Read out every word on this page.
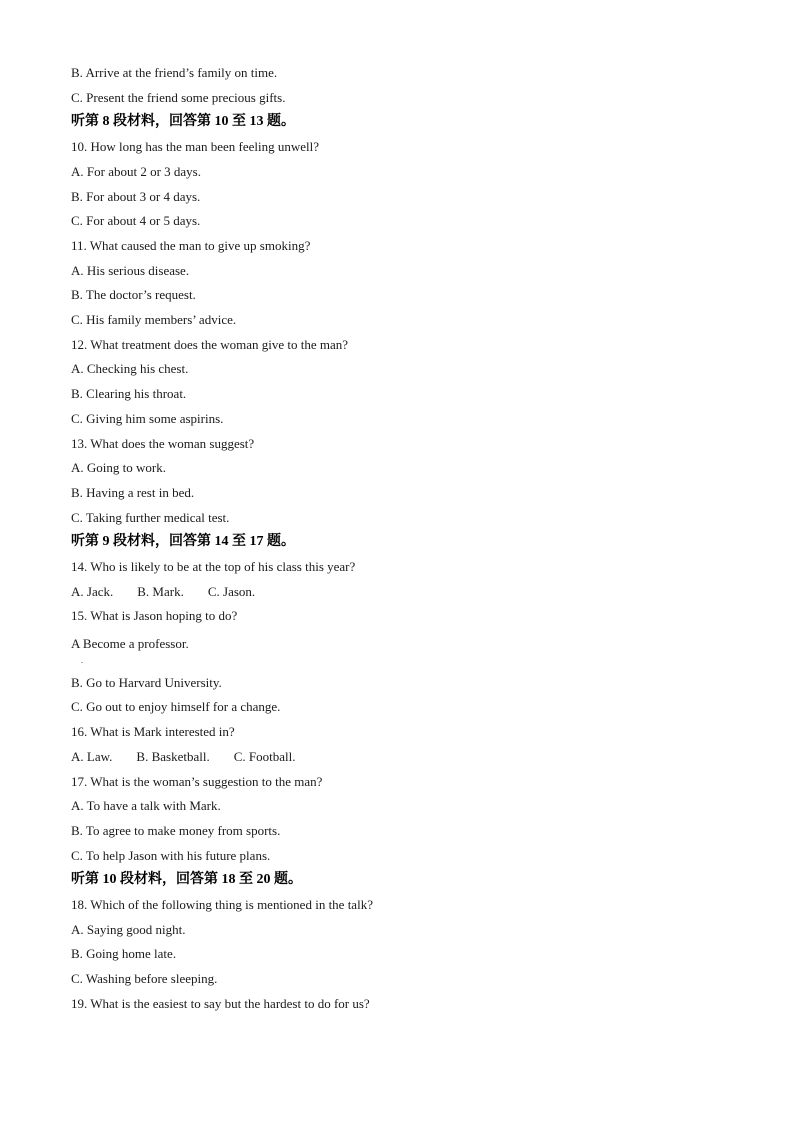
B. Arrive at the friend’s family on time.
C. Present the friend some precious gifts.
听第 8 段材料，回答第 10 至 13 题。
10. How long has the man been feeling unwell?
A. For about 2 or 3 days.
B. For about 3 or 4 days.
C. For about 4 or 5 days.
11. What caused the man to give up smoking?
A. His serious disease.
B. The doctor’s request.
C. His family members’ advice.
12. What treatment does the woman give to the man?
A. Checking his chest.
B. Clearing his throat.
C. Giving him some aspirins.
13. What does the woman suggest?
A. Going to work.
B. Having a rest in bed.
C. Taking further medical test.
听第 9 段材料，回答第 14 至 17 题。
14. Who is likely to be at the top of his class this year?
A. Jack. B. Mark. C. Jason.
15. What is Jason hoping to do?
A Become a professor.
.
B. Go to Harvard University.
C. Go out to enjoy himself for a change.
16. What is Mark interested in?
A. Law. B. Basketball. C. Football.
17. What is the woman’s suggestion to the man?
A. To have a talk with Mark.
B. To agree to make money from sports.
C. To help Jason with his future plans.
听第 10 段材料，回答第 18 至 20 题。
18. Which of the following thing is mentioned in the talk?
A. Saying good night.
B. Going home late.
C. Washing before sleeping.
19. What is the easiest to say but the hardest to do for us?
